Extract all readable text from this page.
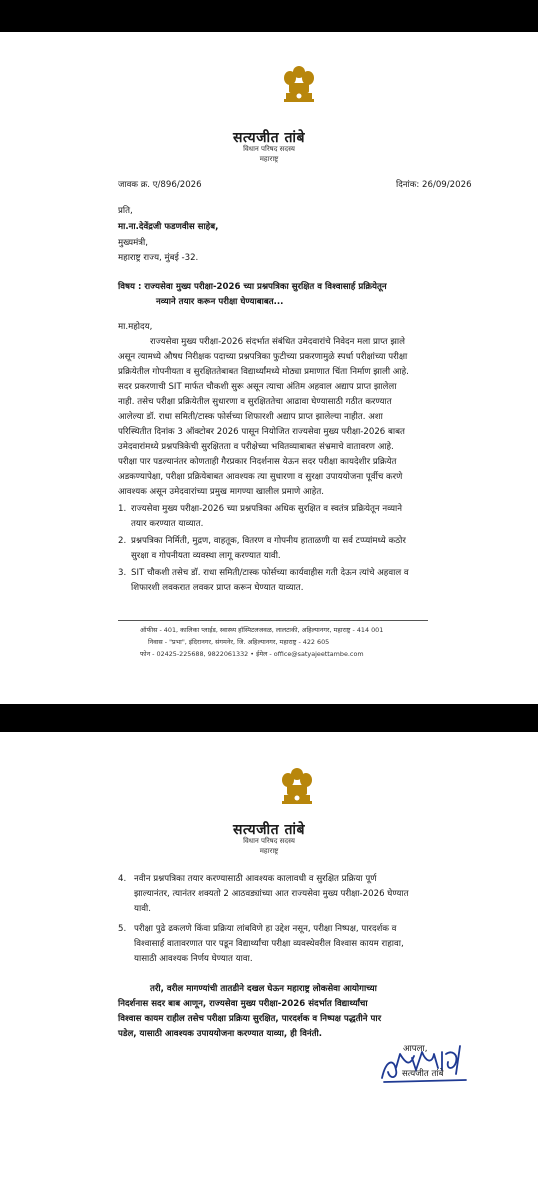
सत्यजीत तांबे
विधान परिषद सदस्य
महाराष्ट्र
जावक क्र. ए/896/2026	दिनांक: 26/09/2026
प्रति,
मा.ना.देवेंद्रजी फडणवीस साहेब,
मुख्यमंत्री,
महाराष्ट्र राज्य, मुंबई -32.
विषय : राज्यसेवा मुख्य परीक्षा-2026 च्या प्रश्नपत्रिका सुरक्षित व विश्वासार्ह प्रक्रियेतून
नव्याने तयार करून परीक्षा घेण्याबाबत...
मा.महोदय,
राज्यसेवा मुख्य परीक्षा-2026 संदर्भात संबंधित उमेदवारांचे निवेदन मला प्राप्त झाले
असून त्यामध्ये औषध निरीक्षक पदाच्या प्रश्नपत्रिका फुटीच्या प्रकरणामुळे स्पर्धा परीक्षांच्या परीक्षा
प्रक्रियेतील गोपनीयता व सुरक्षिततेबाबत विद्यार्थ्यांमध्ये मोठ्या प्रमाणात चिंता निर्माण झाली आहे.
सदर प्रकरणाची SIT मार्फत चौकशी सुरू असून त्याचा अंतिम अहवाल अद्याप प्राप्त झालेला
नाही. तसेच परीक्षा प्रक्रियेतील सुधारणा व सुरक्षिततेचा आढावा घेण्यासाठी गठीत करण्यात
आलेल्या डॉ. राधा समिती/टास्क फोर्सच्या शिफारशी अद्याप प्राप्त झालेल्या नाहीत. अशा
परिस्थितीत दिनांक 3 ऑक्टोबर 2026 पासून नियोजित राज्यसेवा मुख्य परीक्षा-2026 बाबत
उमेदवारांमध्ये प्रश्नपत्रिकेची सुरक्षितता व परीक्षेच्या भवितव्याबाबत संभ्रमाचे वातावरण आहे.
परीक्षा पार पडल्यानंतर कोणताही गैरप्रकार निदर्शनास येऊन सदर परीक्षा कायदेशीर प्रक्रियेत
अडकण्यापेक्षा, परीक्षा प्रक्रियेबाबत आवश्यक त्या सुधारणा व सुरक्षा उपाययोजना पूर्वीच करणे
आवश्यक असून उमेदवारांच्या प्रमुख मागण्या खालील प्रमाणे आहेत.
1. राज्यसेवा मुख्य परीक्षा-2026 च्या प्रश्नपत्रिका अधिक सुरक्षित व स्वतंत्र प्रक्रियेतून नव्याने
तयार करण्यात याव्यात.
2. प्रश्नपत्रिका निर्मिती, मुद्रण, वाहतूक, वितरण व गोपनीय हाताळणी या सर्व टप्प्यांमध्ये कठोर
सुरक्षा व गोपनीयता व्यवस्था लागू करण्यात यावी.
3. SIT चौकशी तसेच डॉ. राधा समिती/टास्क फोर्सच्या कार्यवाहीस गती देऊन त्यांचे अहवाल व
शिफारशी लवकरात लवकर प्राप्त करून घेण्यात याव्यात.
ऑफीस - 401, कालिका प्लाईड, स्वास्थ्य हॉस्पिटलजवळ, लालटाकी, अहिल्यानगर, महाराष्ट्र - 414 001
निवास - "प्रभा", इंदिरानगर, संगमनेर, जि. अहिल्यानगर, महाराष्ट्र - 422 605
फोन - 02425-225688, 9822061332 • ईमेल - office@satyajeettambe.com
सत्यजीत तांबे
विधान परिषद सदस्य
महाराष्ट्र
4. नवीन प्रश्नपत्रिका तयार करण्यासाठी आवश्यक कालावधी व सुरक्षित प्रक्रिया पूर्ण
झाल्यानंतर, त्यानंतर शक्यतो 2 आठवड्यांच्या आत राज्यसेवा मुख्य परीक्षा-2026 घेण्यात
यावी.
5. परीक्षा पुढे ढकलणे किंवा प्रक्रिया लांबविणे हा उद्देश नसून, परीक्षा निष्पक्ष, पारदर्शक व
विश्वासार्ह वातावरणात पार पडून विद्यार्थ्यांचा परीक्षा व्यवस्थेवरील विश्वास कायम राहावा,
यासाठी आवश्यक निर्णय घेण्यात यावा.
तरी, वरील मागण्यांची तातडीने दखल घेऊन महाराष्ट्र लोकसेवा आयोगाच्या
निदर्शनास सदर बाब आणून, राज्यसेवा मुख्य परीक्षा-2026 संदर्भात विद्यार्थ्यांचा
विश्वास कायम राहील तसेच परीक्षा प्रक्रिया सुरक्षित, पारदर्शक व निष्पक्ष पद्धतीने पार
पडेल, यासाठी आवश्यक उपाययोजना करण्यात याव्या, ही विनंती.
आपला,
सत्यजीत तांबे
